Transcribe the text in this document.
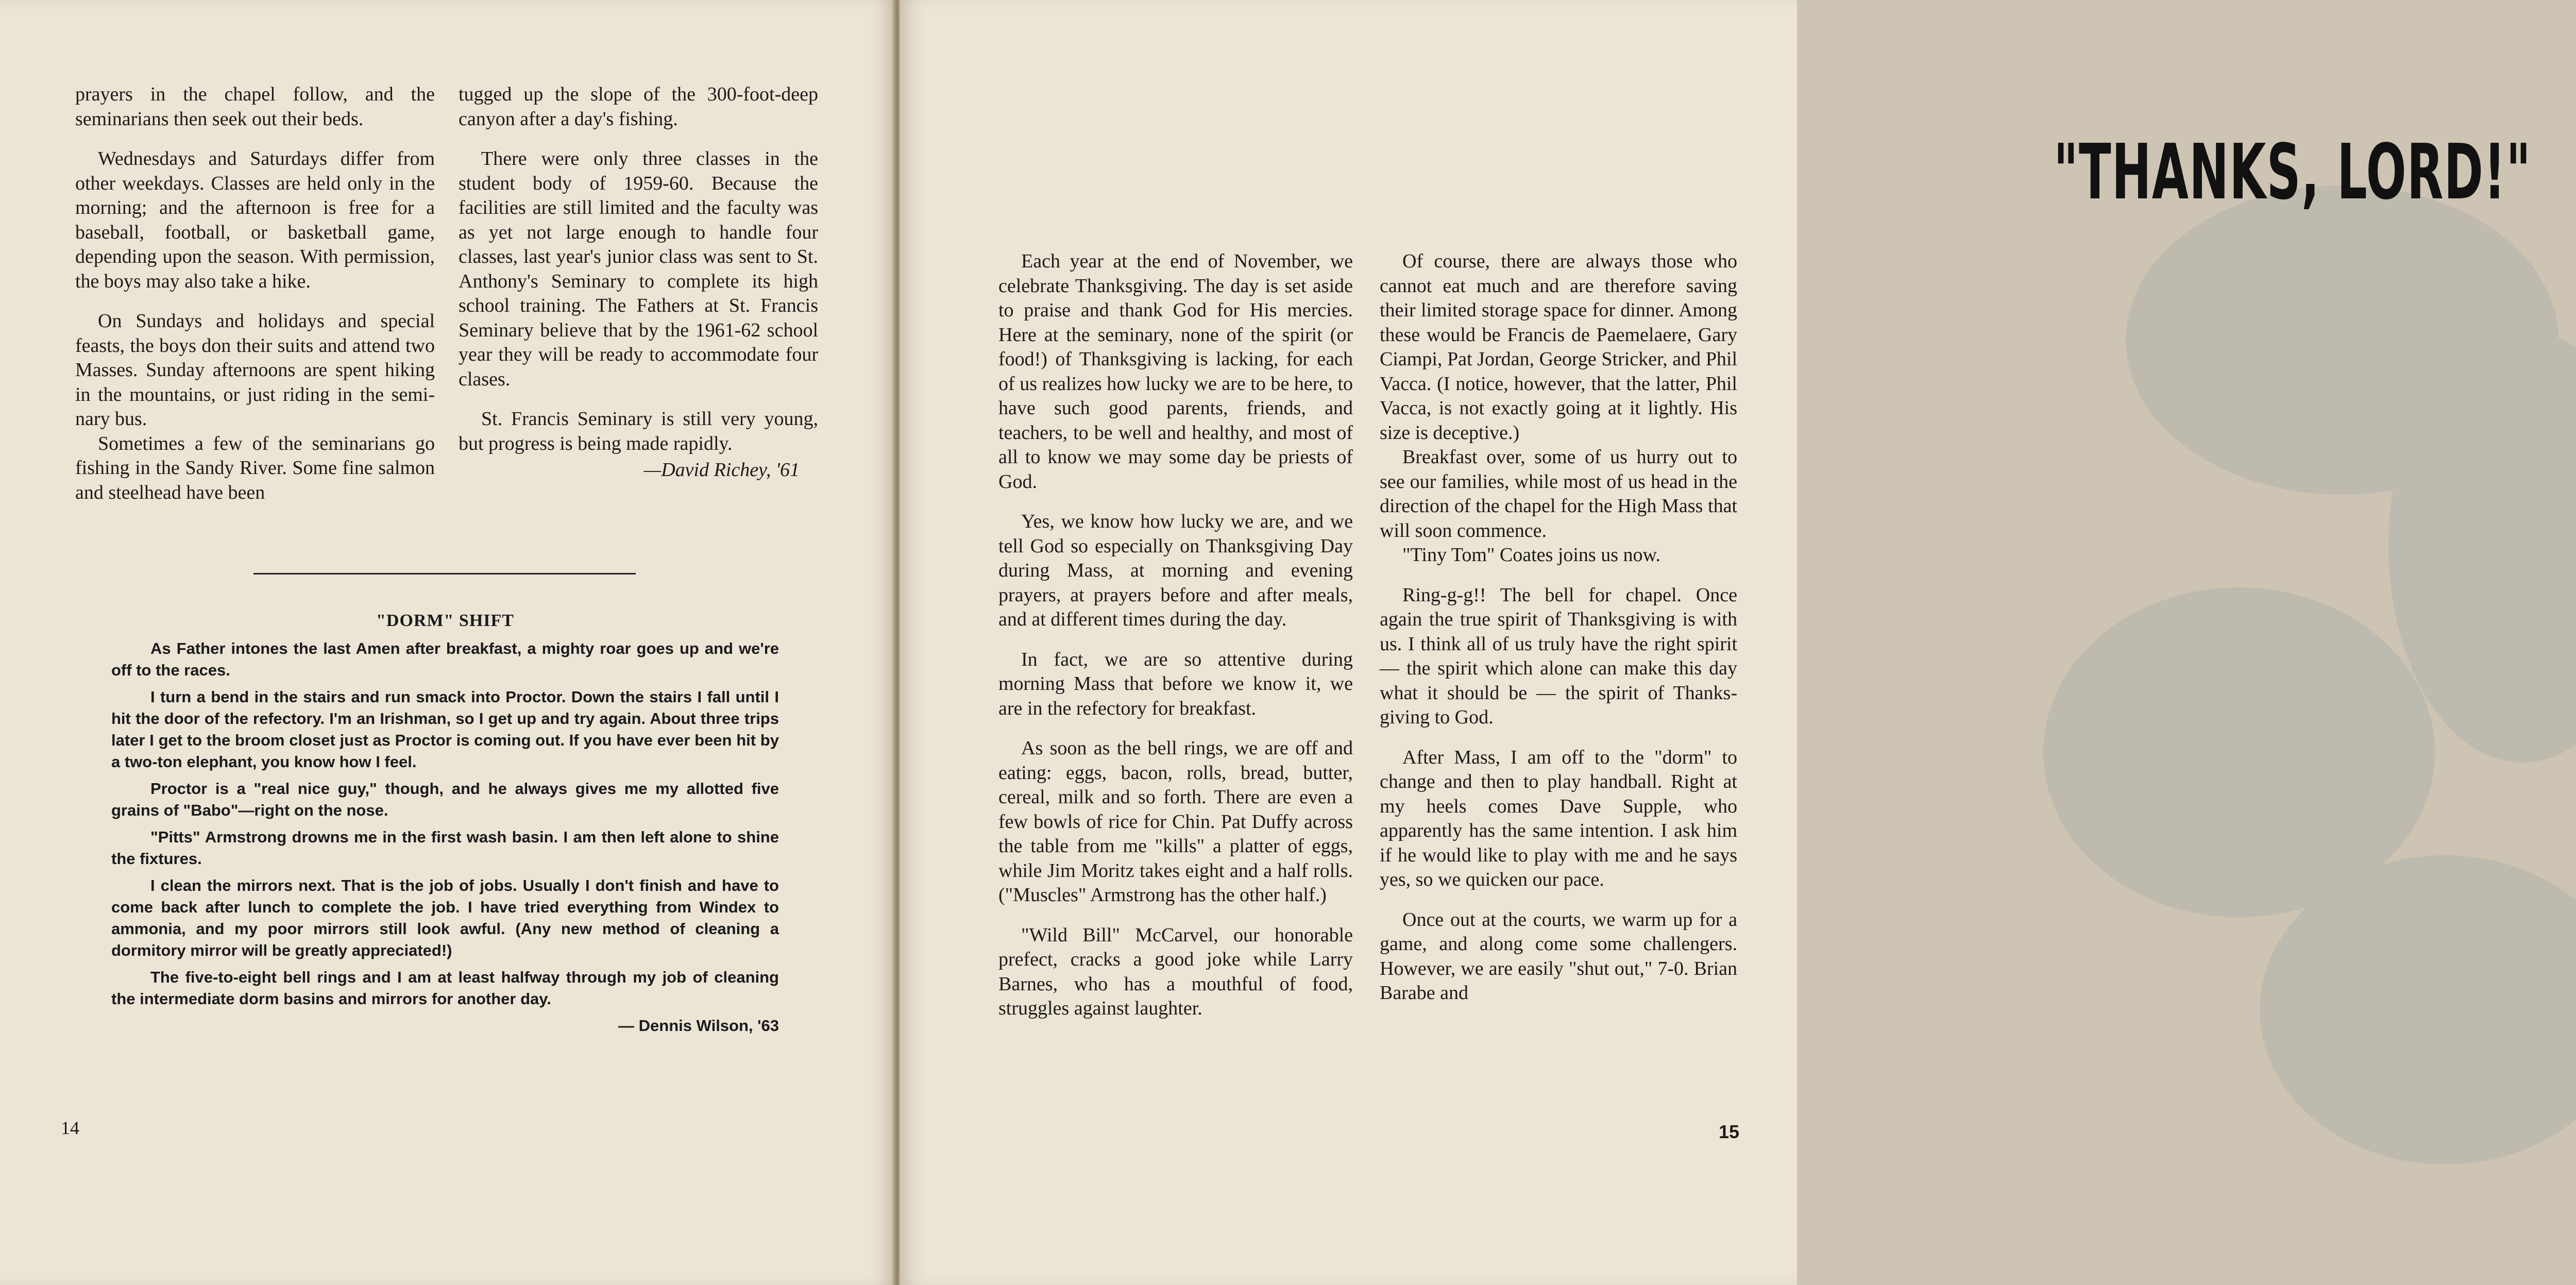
prayers in the chapel follow, and the seminarians then seek out their beds.

Wednesdays and Saturdays differ from other weekdays. Classes are held only in the morning; and the afternoon is free for a baseball, football, or basketball game, depending upon the season. With permission, the boys may also take a hike.

On Sundays and holidays and special feasts, the boys don their suits and attend two Masses. Sunday afternoons are spent hiking in the mountains, or just riding in the seminary bus.

Sometimes a few of the seminarians go fishing in the Sandy River. Some fine salmon and steelhead have been

tugged up the slope of the 300-foot-deep canyon after a day's fishing.

There were only three classes in the student body of 1959-60. Because the facilities are still limited and the faculty was as yet not large enough to handle four classes, last year's junior class was sent to St. Anthony's Seminary to complete its high school training. The Fathers at St. Francis Seminary believe that by the 1961-62 school year they will be ready to accommodate four clases.

St. Francis Seminary is still very young, but progress is being made rapidly.

—David Richey, '61
"DORM" SHIFT

As Father intones the last Amen after breakfast, a mighty roar goes up and we're off to the races.

I turn a bend in the stairs and run smack into Proctor. Down the stairs I fall until I hit the door of the refectory. I'm an Irishman, so I get up and try again. About three trips later I get to the broom closet just as Proctor is coming out. If you have ever been hit by a two-ton elephant, you know how I feel.

Proctor is a "real nice guy," though, and he always gives me my allotted five grains of "Babo"—right on the nose.

"Pitts" Armstrong drowns me in the first wash basin. I am then left alone to shine the fixtures.

I clean the mirrors next. That is the job of jobs. Usually I don't finish and have to come back after lunch to complete the job. I have tried everything from Windex to ammonia, and my poor mirrors still look awful. (Any new method of cleaning a dormitory mirror will be greatly appreciated!)

The five-to-eight bell rings and I am at least halfway through my job of cleaning the intermediate dorm basins and mirrors for another day.

— Dennis Wilson, '63

14
"THANKS, LORD!"

Each year at the end of November, we celebrate Thanksgiving. The day is set aside to praise and thank God for His mercies. Here at the seminary, none of the spirit (or food!) of Thanksgiving is lacking, for each of us realizes how lucky we are to be here, to have such good parents, friends, and teachers, to be well and healthy, and most of all to know we may some day be priests of God.

Yes, we know how lucky we are, and we tell God so especially on Thanksgiving Day during Mass, at morning and evening prayers, at prayers before and after meals, and at different times during the day.

In fact, we are so attentive during morning Mass that before we know it, we are in the refectory for breakfast.

As soon as the bell rings, we are off and eating: eggs, bacon, rolls, bread, butter, cereal, milk and so forth. There are even a few bowls of rice for Chin. Pat Duffy across the table from me "kills" a platter of eggs, while Jim Moritz takes eight and a half rolls. ("Muscles" Armstrong has the other half.)

"Wild Bill" McCarvel, our honorable prefect, cracks a good joke while Larry Barnes, who has a mouthful of food, struggles against laughter.

Of course, there are always those who cannot eat much and are therefore saving their limited storage space for dinner. Among these would be Francis de Paemelaere, Gary Ciampi, Pat Jordan, George Stricker, and Phil Vacca. (I notice, however, that the latter, Phil Vacca, is not exactly going at it lightly. His size is deceptive.)

Breakfast over, some of us hurry out to see our families, while most of us head in the direction of the chapel for the High Mass that will soon commence.

"Tiny Tom" Coates joins us now.

Ring-g-g!! The bell for chapel. Once again the true spirit of Thanksgiving is with us. I think all of us truly have the right spirit — the spirit which alone can make this day what it should be — the spirit of Thanksgiving to God.

After Mass, I am off to the "dorm" to change and then to play handball. Right at my heels comes Dave Supple, who apparently has the same intention. I ask him if he would like to play with me and he says yes, so we quicken our pace.

Once out at the courts, we warm up for a game, and along come some challengers. However, we are easily "shut out," 7-0. Brian Barabe and

15
